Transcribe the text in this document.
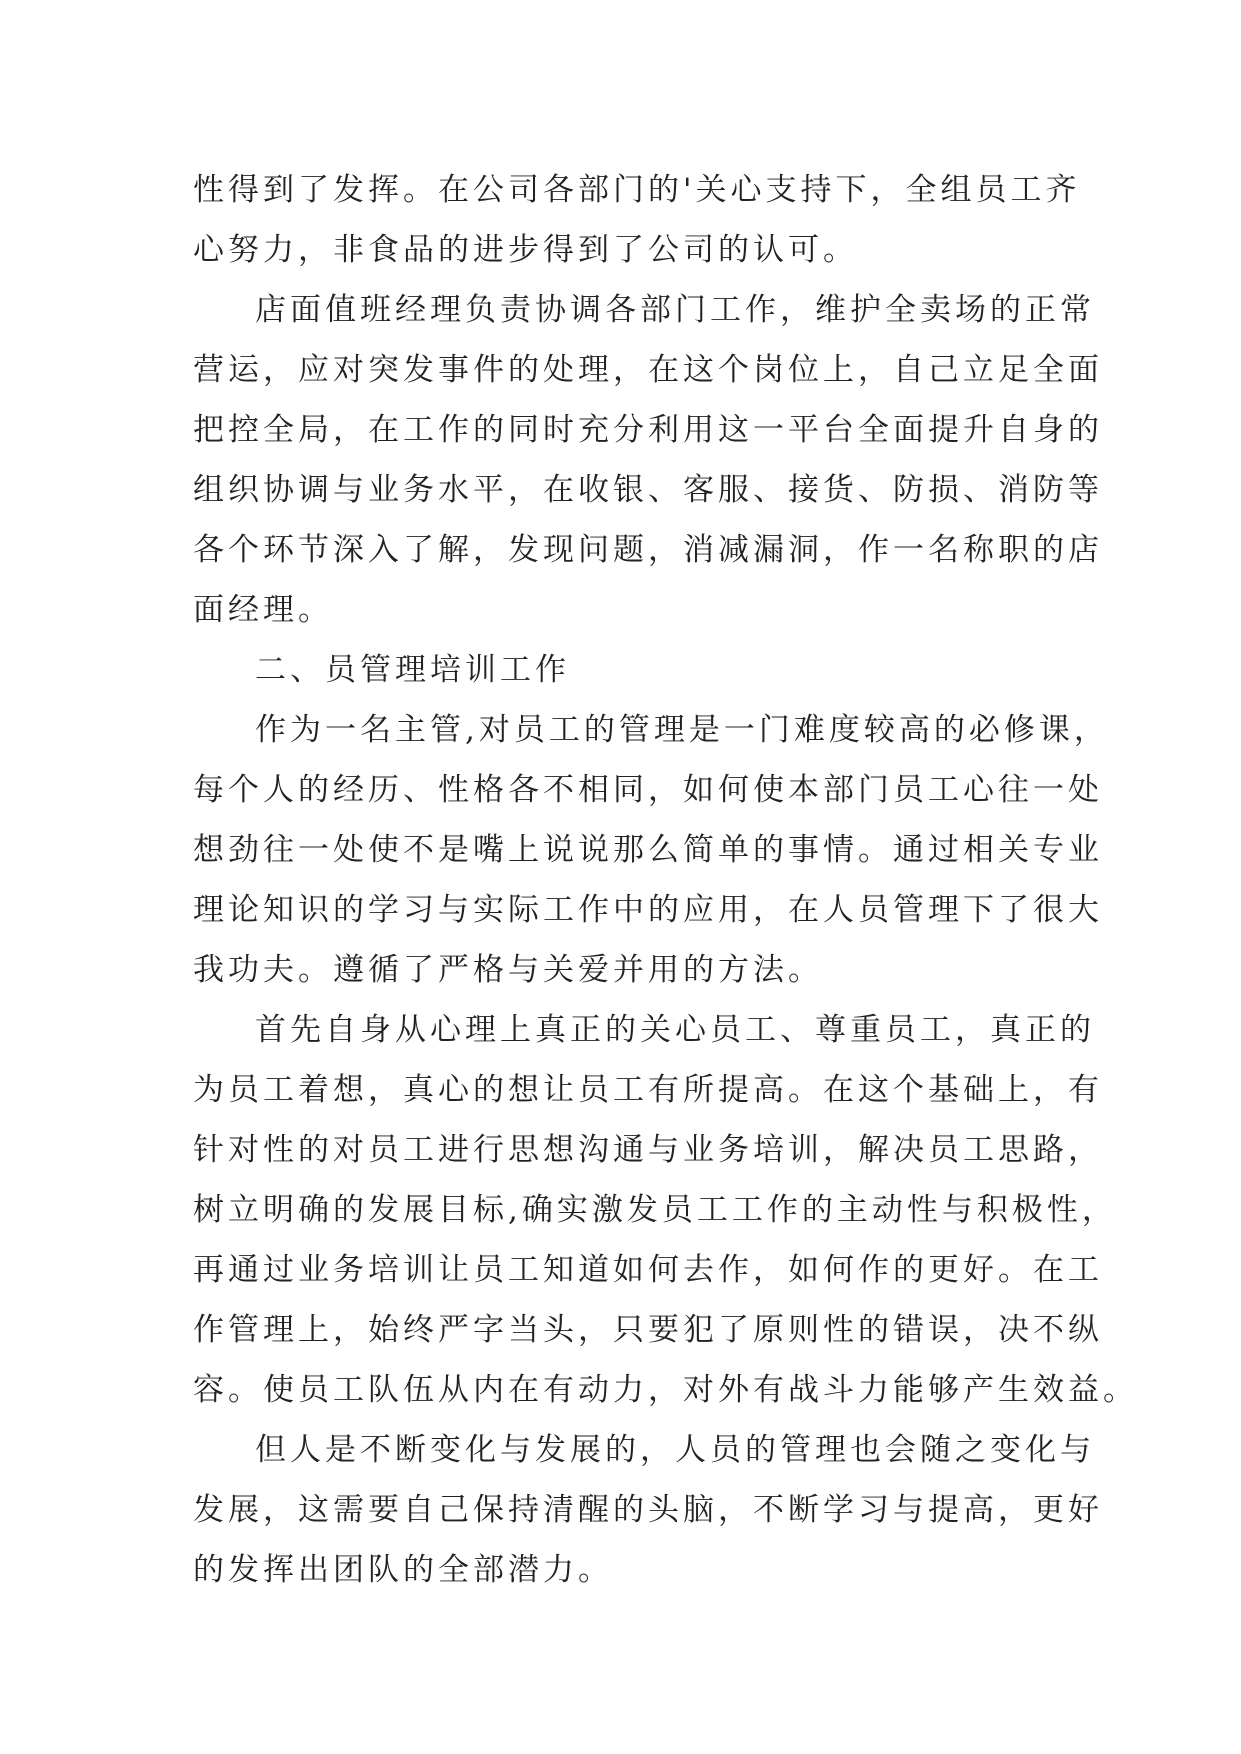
性得到了发挥。在公司各部门的'关心支持下，全组员工齐
心努力，非食品的进步得到了公司的认可。
店面值班经理负责协调各部门工作，维护全卖场的正常
营运，应对突发事件的处理，在这个岗位上，自己立足全面
把控全局，在工作的同时充分利用这一平台全面提升自身的
组织协调与业务水平，在收银、客服、接货、防损、消防等
各个环节深入了解，发现问题，消减漏洞，作一名称职的店
面经理。
二、员管理培训工作
作为一名主管,对员工的管理是一门难度较高的必修课，
每个人的经历、性格各不相同，如何使本部门员工心往一处
想劲往一处使不是嘴上说说那么简单的事情。通过相关专业
理论知识的学习与实际工作中的应用，在人员管理下了很大
我功夫。遵循了严格与关爱并用的方法。
首先自身从心理上真正的关心员工、尊重员工，真正的
为员工着想，真心的想让员工有所提高。在这个基础上，有
针对性的对员工进行思想沟通与业务培训，解决员工思路，
树立明确的发展目标,确实激发员工工作的主动性与积极性，
再通过业务培训让员工知道如何去作，如何作的更好。在工
作管理上，始终严字当头，只要犯了原则性的错误，决不纵
容。使员工队伍从内在有动力，对外有战斗力能够产生效益。
但人是不断变化与发展的，人员的管理也会随之变化与
发展，这需要自己保持清醒的头脑，不断学习与提高，更好
的发挥出团队的全部潜力。
